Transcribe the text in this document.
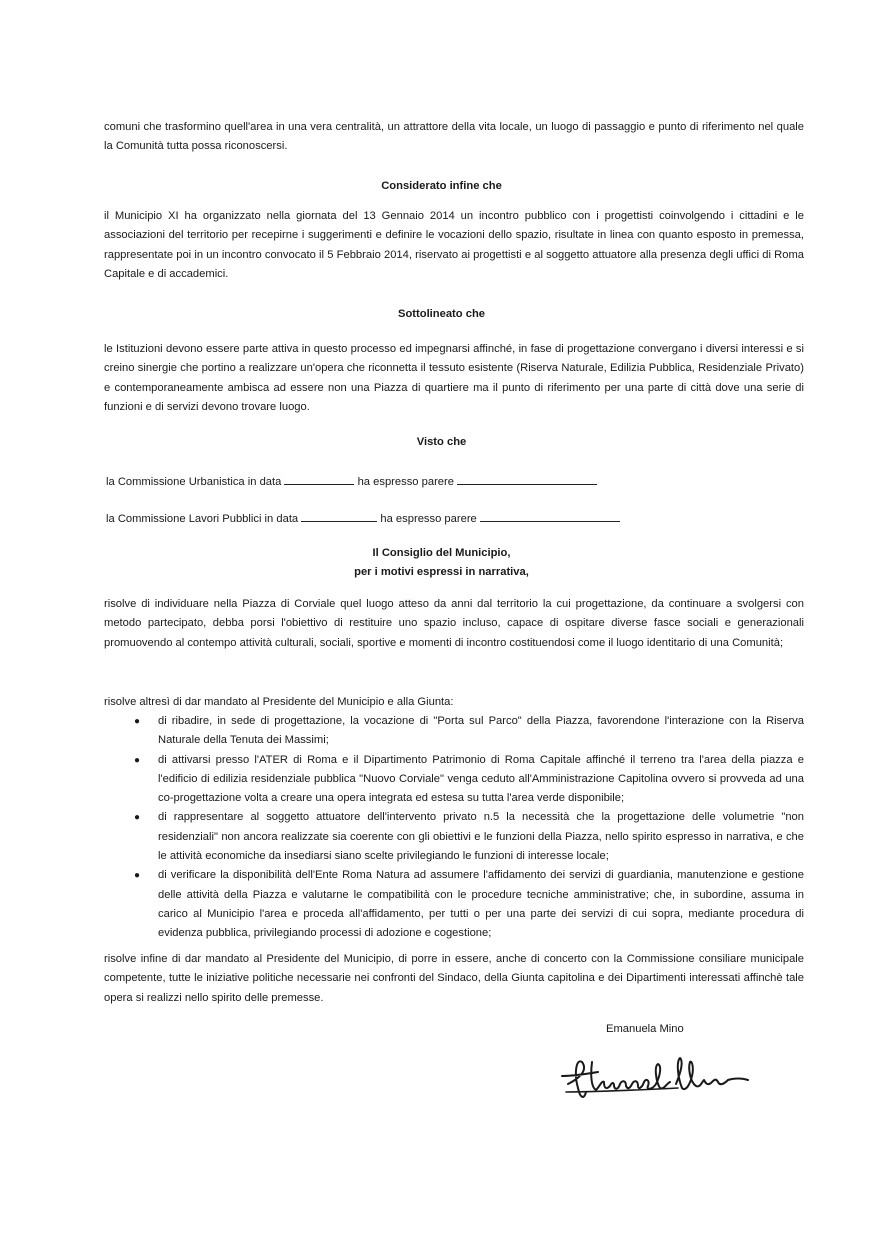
comuni che trasformino quell'area in una vera centralità, un attrattore della vita locale, un luogo di passaggio e punto di riferimento nel quale la Comunità tutta possa riconoscersi.

Considerato infine che

il Municipio XI ha organizzato nella giornata del 13 Gennaio 2014 un incontro pubblico con i progettisti coinvolgendo i cittadini e le associazioni del territorio per recepirne i suggerimenti e definire le vocazioni dello spazio, risultate in linea con quanto esposto in premessa, rappresentate poi in un incontro convocato il 5 Febbraio 2014, riservato ai progettisti e al soggetto attuatore alla presenza degli uffici di Roma Capitale e di accademici.

Sottolineato che

le Istituzioni devono essere parte attiva in questo processo ed impegnarsi affinché, in fase di progettazione convergano i diversi interessi e si creino sinergie che portino a realizzare un'opera che riconnetta il tessuto esistente (Riserva Naturale, Edilizia Pubblica, Residenziale Privato) e contemporaneamente ambisca ad essere non una Piazza di quartiere ma il punto di riferimento per una parte di città dove una serie di funzioni e di servizi devono trovare luogo.

Visto che

la Commissione Urbanistica in data	ha espresso parere

la Commissione Lavori Pubblici in data	ha espresso parere

Il Consiglio del Municipio,

per i motivi espressi in narrativa,

risolve di individuare nella Piazza di Corviale quel luogo atteso da anni dal territorio la cui progettazione, da continuare a svolgersi con metodo partecipato, debba porsi l'obiettivo di restituire uno spazio incluso, capace di ospitare diverse fasce sociali e generazionali promuovendo al contempo attività culturali, sociali, sportive e momenti di incontro costituendosi come il luogo identitario di una Comunità;

risolve altresì di dar mandato al Presidente del Municipio e alla Giunta:

● di ribadire, in sede di progettazione, la vocazione di "Porta sul Parco" della Piazza, favorendone l'interazione con la Riserva Naturale della Tenuta dei Massimi;
● di attivarsi presso l'ATER di Roma e il Dipartimento Patrimonio di Roma Capitale affinché il terreno tra l'area della piazza e l'edificio di edilizia residenziale pubblica "Nuovo Corviale" venga ceduto all'Amministrazione Capitolina ovvero si provveda ad una co-progettazione volta a creare una opera integrata ed estesa su tutta l'area verde disponibile;
● di rappresentare al soggetto attuatore dell'intervento privato n.5 la necessità che la progettazione delle volumetrie "non residenziali" non ancora realizzate sia coerente con gli obiettivi e le funzioni della Piazza, nello spirito espresso in narrativa, e che le attività economiche da insediarsi siano scelte privilegiando le funzioni di interesse locale;
● di verificare la disponibilità dell'Ente Roma Natura ad assumere l'affidamento dei servizi di guardiania, manutenzione e gestione delle attività della Piazza e valutarne le compatibilità con le procedure tecniche amministrative; che, in subordine, assuma in carico al Municipio l'area e proceda all'affidamento, per tutti o per una parte dei servizi di cui sopra, mediante procedura di evidenza pubblica, privilegiando processi di adozione e cogestione;

risolve infine di dar mandato al Presidente del Municipio, di porre in essere, anche di concerto con la Commissione consiliare municipale competente, tutte le iniziative politiche necessarie nei confronti del Sindaco, della Giunta capitolina e dei Dipartimenti interessati affinchè tale opera si realizzi nello spirito delle premesse.

Emanuela Mino
